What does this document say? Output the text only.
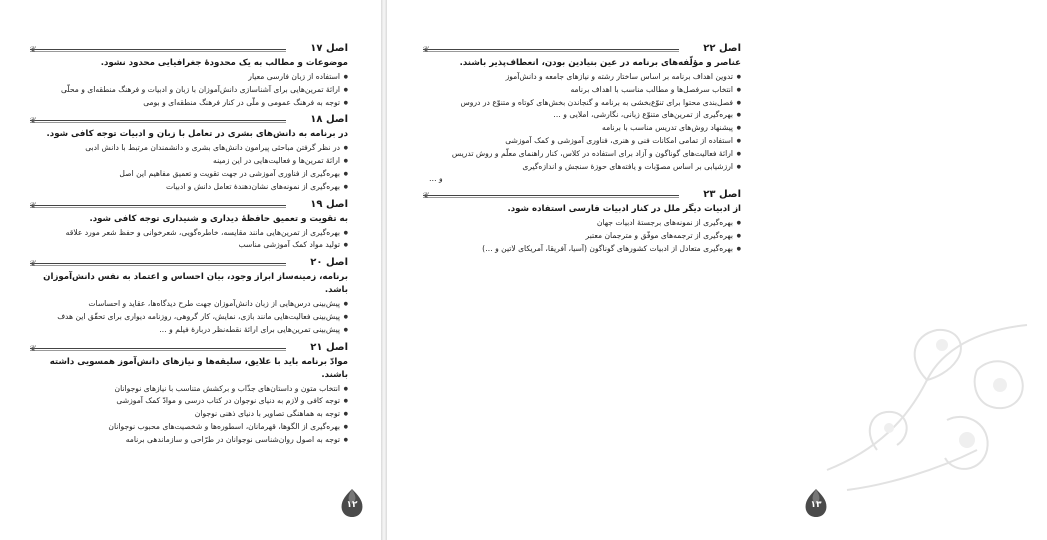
❦	اصل ۱۷
موضوعات و مطالب به یک محدودهٔ جغرافیایی محدود نشود.
● استفاده از زبان فارسی معیار
● ارائهٔ تمرین‌هایی برای آشناسازی دانش‌آموزان با زبان و ادبیات و فرهنگ منطقه‌ای و محلّی
● توجه به فرهنگ عمومی و ملّی در کنار فرهنگ منطقه‌ای و بومی
❦	اصل ۱۸
در برنامه به دانش‌های بشری در تعامل با زبان و ادبیات توجه کافی شود.
● در نظر گرفتن مباحثی پیرامون دانش‌های بشری و دانشمندان مرتبط با دانش ادبی
● ارائهٔ تمرین‌ها و فعالیت‌هایی در این زمینه
● بهره‌گیری از فناوری آموزشی در جهت تقویت و تعمیق مفاهیم این اصل
● بهره‌گیری از نمونه‌های نشان‌دهندهٔ تعامل دانش و ادبیات
❦	اصل ۱۹
به تقویت و تعمیق حافظهٔ دیداری و شنیداری توجه کافی شود.
● بهره‌گیری از تمرین‌هایی مانند مقایسه، خاطره‌گویی، شعرخوانی و حفظ شعر مورد علاقه
● تولید مواد کمک آموزشی مناسب
❦	اصل ۲۰
برنامه، زمینه‌ساز ابراز وجود، بیان احساس و اعتماد به نفس دانش‌آموزان باشد.
● پیش‌بینی درس‌هایی از زبان دانش‌آموزان جهت طرح دیدگاه‌ها، عقاید و احساسات
● پیش‌بینی فعالیت‌هایی مانند بازی، نمایش، کار گروهی، روزنامه دیواری برای تحقّق این هدف
● پیش‌بینی تمرین‌هایی برای ارائهٔ نقطه‌نظر دربارهٔ فیلم و …
❦	اصل ۲۱
موادّ برنامه باید با علایق، سلیقه‌ها و نیازهای دانش‌آموز همسویی داشته باشند.
● انتخاب متون و داستان‌های جذّاب و برکشش متناسب با نیازهای نوجوانان
● توجه کافی و لازم به دنیای نوجوان در کتاب درسی و موادّ کمک آموزشی
● توجه به هماهنگی تصاویر با دنیای ذهنی نوجوان
● بهره‌گیری از الگوها، قهرمانان، اسطوره‌ها و شخصیت‌های محبوب نوجوانان
● توجه به اصول روان‌شناسی نوجوانان در طرّاحی و سازماندهی برنامه
۱۲
❦	اصل ۲۲
عناصر و مؤلّفه‌های برنامه در عین بنیادین بودن، انعطاف‌پذیر باشند.
● تدوین اهداف برنامه بر اساس ساختار رشته و نیازهای جامعه و دانش‌آموز
● انتخاب سرفصل‌ها و مطالب مناسب با اهداف برنامه
● فصل‌بندی محتوا برای تنوّع‌بخشی به برنامه و گنجاندن بخش‌های کوتاه و متنوّع در دروس
● بهره‌گیری از تمرین‌های متنوّع زبانی، نگارشی، املایی و …
● پیشنهاد روش‌های تدریس مناسب با برنامه
● استفاده از تمامی امکانات فنی و هنری، فناوری آموزشی و کمک آموزشی
● ارائهٔ فعالیت‌های گوناگون و آزاد برای استفاده در کلاس، کنار راهنمای معلّم و روش تدریس
● ارزشیابی بر اساس مصوّبات و یافته‌های حوزهٔ سنجش و اندازه‌گیری
و …
❦	اصل ۲۳
از ادبیات دیگر ملل در کنار ادبیات فارسی استفاده شود.
● بهره‌گیری از نمونه‌های برجستهٔ ادبیات جهان
● بهره‌گیری از ترجمه‌های موفّق و مترجمان معتبر
● بهره‌گیری متعادل از ادبیات کشورهای گوناگون (آسیا، آفریقا، آمریکای لاتین و …)
۱۳
